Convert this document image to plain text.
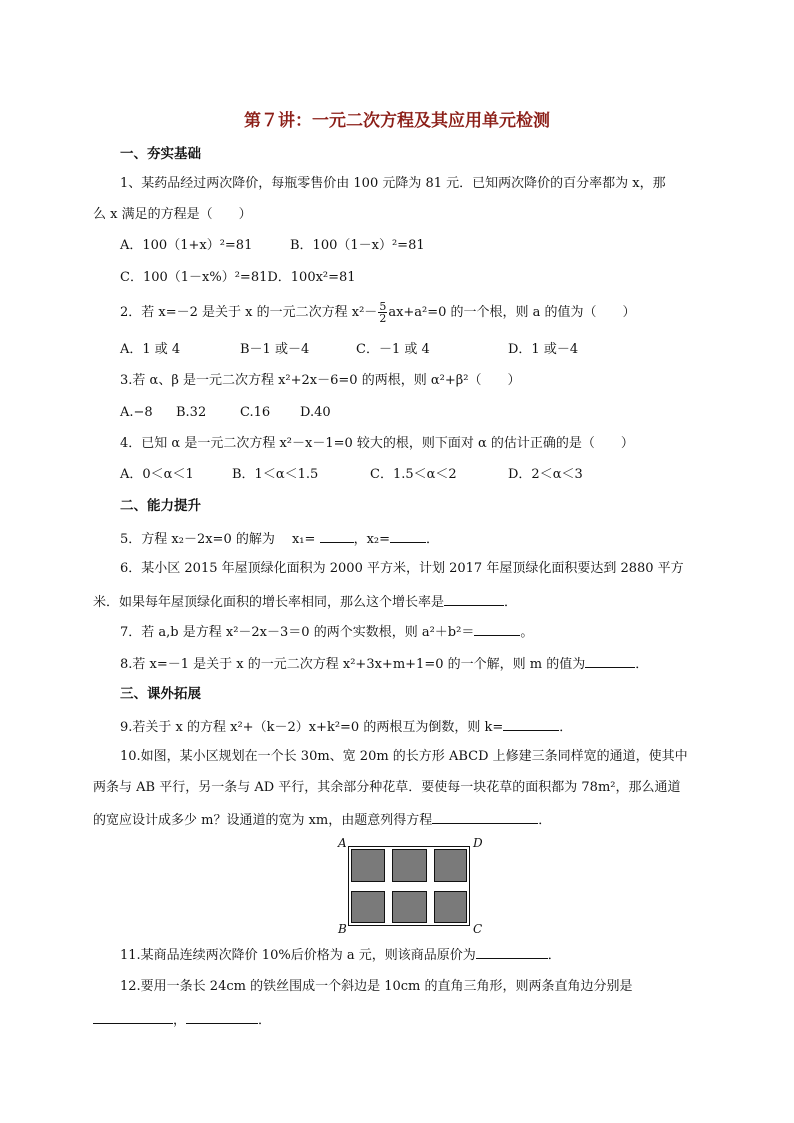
第７讲：一元二次方程及其应用单元检测
一、夯实基础
1、某药品经过两次降价，每瓶零售价由 100 元降为 81 元．已知两次降价的百分率都为 x，那
么 x 满足的方程是（　　）
A．100（1+x）²=81	B．100（1－x）²=81
C．100（1－x%）²=81D．100x²=81
2．若 x=－2 是关于 x 的一元二次方程 $x^2- \frac{5}{2} ax+a^2=0$ 的一个根，则 a 的值为（　　）
A．1 或 4	B－1 或－4	C．－1 或 4	D．1 或－4
3.若 α、β 是一元二次方程 x²+2x－6=0 的两根，则 α²+β²（　　）
A.−8 B.32	C.16 D.40
4．已知 α 是一元二次方程 x²－x－1=0 较大的根，则下面对 α 的估计正确的是（　　）
A．0＜α＜1	B．1＜α＜1.5	C．1.5＜α＜2	D．2＜α＜3
二、能力提升
5．方程 x₂－2x=0 的解为　 x₁=	，x₂=	．
6．某小区 2015 年屋顶绿化面积为 2000 平方米，计划 2017 年屋顶绿化面积要达到 2880 平方
米．如果每年屋顶绿化面积的增长率相同，那么这个增长率是	．
7．若 a,b 是方程 x²－2x－3＝0 的两个实数根，则 a²＋b²＝	。
8.若 x=－1 是关于 x 的一元二次方程 x²+3x+m+1=0 的一个解，则 m 的值为	．
三、课外拓展
9.若关于 x 的方程 x²+（k－2）x+k²=0 的两根互为倒数，则 k=	．
10.如图，某小区规划在一个长 30m、宽 20m 的长方形 ABCD 上修建三条同样宽的通道，使其中
两条与 AB 平行，另一条与 AD 平行，其余部分种花草．要使每一块花草的面积都为 78m²，那么通道
的宽应设计成多少 m？设通道的宽为 xm，由题意列得方程	．
A	D
B	C
11.某商品连续两次降价 10%后价格为 a 元，则该商品原价为	．
12.要用一条长 24cm 的铁丝围成一个斜边是 10cm 的直角三角形，则两条直角边分别是
，	．
